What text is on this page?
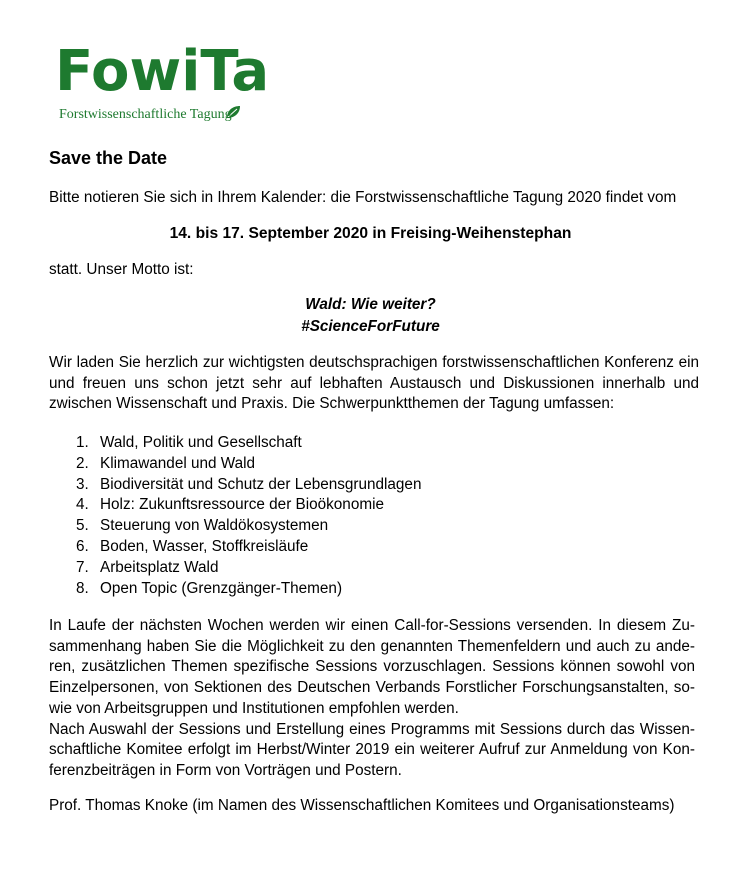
FowiTa
Forstwissenschaftliche Tagung
Save the Date
Bitte notieren Sie sich in Ihrem Kalender: die Forstwissenschaftliche Tagung 2020 findet vom
14. bis 17. September 2020 in Freising-Weihenstephan
statt. Unser Motto ist:
Wald: Wie weiter?
#ScienceForFuture
Wir laden Sie herzlich zur wichtigsten deutschsprachigen forstwissenschaftlichen Konferenz ein und freuen uns schon jetzt sehr auf lebhaften Austausch und Diskussionen innerhalb und zwischen Wissenschaft und Praxis. Die Schwerpunktthemen der Tagung umfassen:
1. Wald, Politik und Gesellschaft
2. Klimawandel und Wald
3. Biodiversität und Schutz der Lebensgrundlagen
4. Holz: Zukunftsressource der Bioökonomie
5. Steuerung von Waldökosystemen
6. Boden, Wasser, Stoffkreisläufe
7. Arbeitsplatz Wald
8. Open Topic (Grenzgänger-Themen)
In Laufe der nächsten Wochen werden wir einen Call-for-Sessions versenden. In diesem Zu-
sammenhang haben Sie die Möglichkeit zu den genannten Themenfeldern und auch zu ande-
ren, zusätzlichen Themen spezifische Sessions vorzuschlagen. Sessions können sowohl von
Einzelpersonen, von Sektionen des Deutschen Verbands Forstlicher Forschungsanstalten, so-
wie von Arbeitsgruppen und Institutionen empfohlen werden.
Nach Auswahl der Sessions und Erstellung eines Programms mit Sessions durch das Wissen-
schaftliche Komitee erfolgt im Herbst/Winter 2019 ein weiterer Aufruf zur Anmeldung von Kon-
ferenzbeiträgen in Form von Vorträgen und Postern.
Prof. Thomas Knoke (im Namen des Wissenschaftlichen Komitees und Organisationsteams)
